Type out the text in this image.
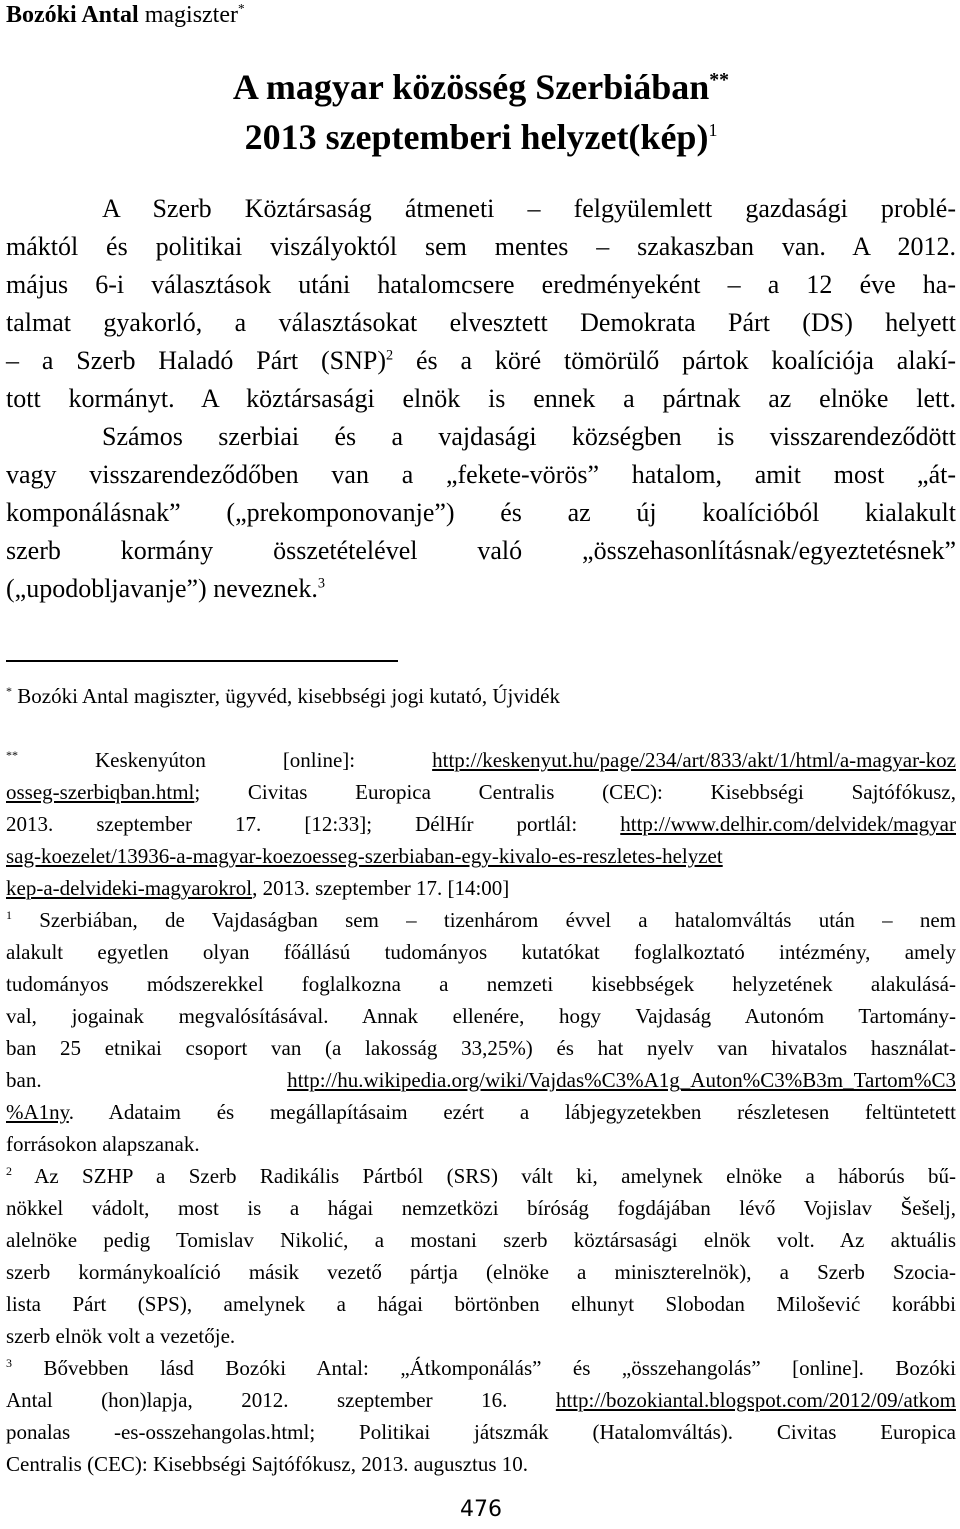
Bozóki Antal magiszter*
A magyar közösség Szerbiában**
2013 szeptemberi helyzet(kép)$^1$
A Szerb Köztársaság átmeneti – felgyülemlett gazdasági problé-
máktól és politikai viszályoktól sem mentes – szakaszban van. A 2012.
május 6-i választások utáni hatalomcsere eredményeként – a 12 éve ha-
talmat gyakorló, a választásokat elvesztett Demokrata Párt (DS) helyett
– a Szerb Haladó Párt (SNP)$^2$ és a köré tömörülő pártok koalíciója alakí-
tott kormányt. A köztársasági elnök is ennek a pártnak az elnöke lett.
Számos szerbiai és a vajdasági községben is visszarendeződött
vagy visszarendeződőben van a „fekete-vörös” hatalom, amit most „át-
komponálásnak” („prekomponovanje”) és az új koalícióból kialakult
szerb kormány összetételével való „összehasonlításnak/egyeztetésnek”
(„upodobljavanje”) neveznek.$^3$
* Bozóki Antal magiszter, ügyvéd, kisebbségi jogi kutató, Újvidék
** Keskenyúton [online]: http://keskenyut.hu/page/234/art/833/akt/1/html/a-magyar-koz
osseg-szerbiqban.html; Civitas Europica Centralis (CEC): Kisebbségi Sajtófókusz,
2013. szeptember 17. [12:33]; DélHír portlál: http://www.delhir.com/delvidek/magyar
sag-koezelet/13936-a-magyar-koezoesseg-szerbiaban-egy-kivalo-es-reszletes-helyzet
kep-a-delvideki-magyarokrol, 2013. szeptember 17. [14:00]
$^1$ Szerbiában, de Vajdaságban sem – tizenhárom évvel a hatalomváltás után – nem
alakult egyetlen olyan főállású tudományos kutatókat foglalkoztató intézmény, amely
tudományos módszerekkel foglalkozna a nemzeti kisebbségek helyzetének alakulásá-
val, jogainak megvalósításával. Annak ellenére, hogy Vajdaság Autonóm Tartomány-
ban 25 etnikai csoport van (a lakosság 33,25%) és hat nyelv van hivatalos használat-
ban. http://hu.wikipedia.org/wiki/Vajdas%C3%A1g_Auton%C3%B3m_Tartom%C3
%A1ny. Adataim és megállapításaim ezért a lábjegyzetekben részletesen feltüntetett
forrásokon alapszanak.
$^2$ Az SZHP a Szerb Radikális Pártból (SRS) vált ki, amelynek elnöke a háborús bű-
nökkel vádolt, most is a hágai nemzetközi bíróság fogdájában lévő Vojislav Šešelj,
alelnöke pedig Tomislav Nikolić, a mostani szerb köztársasági elnök volt. Az aktuális
szerb kormánykoalíció másik vezető pártja (elnöke a miniszterelnök), a Szerb Szocia-
lista Párt (SPS), amelynek a hágai börtönben elhunyt Slobodan Milošević korábbi
szerb elnök volt a vezetője.
$^3$ Bővebben lásd Bozóki Antal: „Átkomponálás” és „összehangolás” [online]. Bozóki
Antal (hon)lapja, 2012. szeptember 16. http://bozokiantal.blogspot.com/2012/09/atkom
ponalas -es-osszehangolas.html; Politikai játszmák (Hatalomváltás). Civitas Europica
Centralis (CEC): Kisebbségi Sajtófókusz, 2013. augusztus 10.
476
